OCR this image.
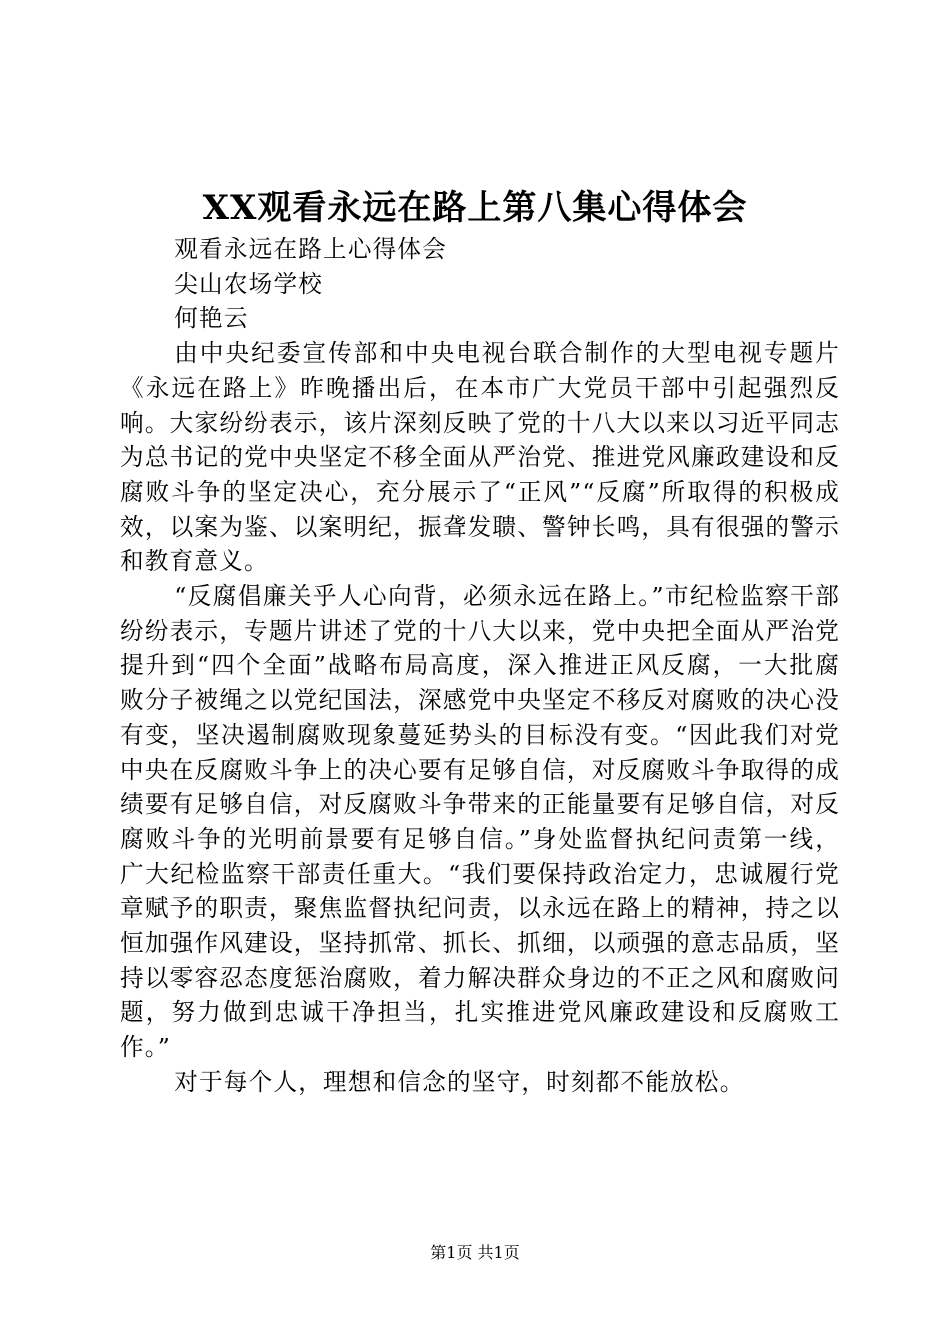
XX观看永远在路上第八集心得体会

观看永远在路上心得体会

尖山农场学校

何艳云

由中央纪委宣传部和中央电视台联合制作的大型电视专题片《永远在路上》昨晚播出后，在本市广大党员干部中引起强烈反响。大家纷纷表示，该片深刻反映了党的十八大以来以习近平同志为总书记的党中央坚定不移全面从严治党、推进党风廉政建设和反腐败斗争的坚定决心，充分展示了“正风”“反腐”所取得的积极成效，以案为鉴、以案明纪，振聋发聩、警钟长鸣，具有很强的警示和教育意义。

“反腐倡廉关乎人心向背，必须永远在路上。”市纪检监察干部纷纷表示，专题片讲述了党的十八大以来，党中央把全面从严治党提升到“四个全面”战略布局高度，深入推进正风反腐，一大批腐败分子被绳之以党纪国法，深感党中央坚定不移反对腐败的决心没有变，坚决遏制腐败现象蔓延势头的目标没有变。“因此我们对党中央在反腐败斗争上的决心要有足够自信，对反腐败斗争取得的成绩要有足够自信，对反腐败斗争带来的正能量要有足够自信，对反腐败斗争的光明前景要有足够自信。”身处监督执纪问责第一线，广大纪检监察干部责任重大。“我们要保持政治定力，忠诚履行党章赋予的职责，聚焦监督执纪问责，以永远在路上的精神，持之以恒加强作风建设，坚持抓常、抓长、抓细，以顽强的意志品质，坚持以零容忍态度惩治腐败，着力解决群众身边的不正之风和腐败问题，努力做到忠诚干净担当，扎实推进党风廉政建设和反腐败工作。”

对于每个人，理想和信念的坚守，时刻都不能放松。

第1页 共1页
